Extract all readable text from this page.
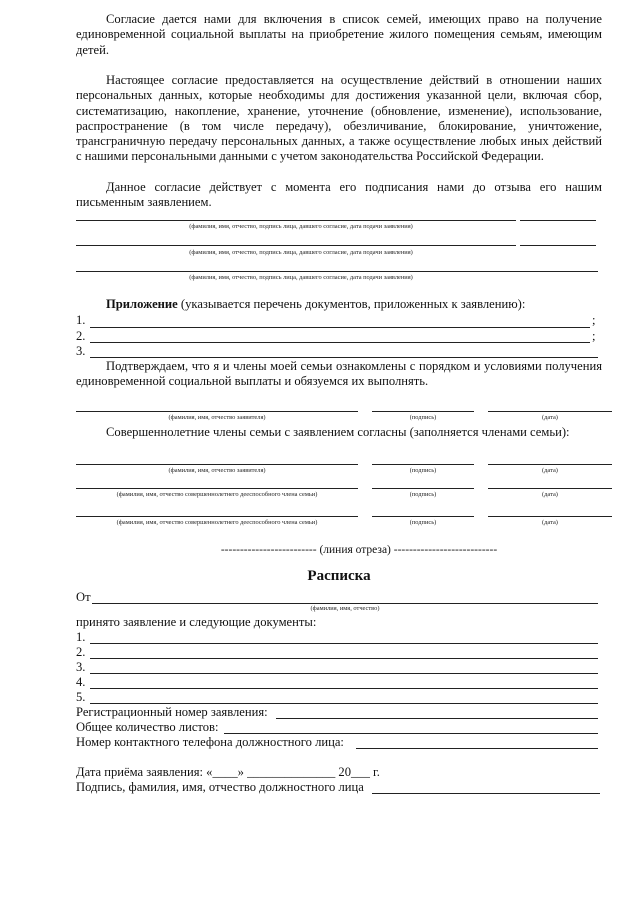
Согласие дается нами для включения в список семей, имеющих право на получение единовременной социальной выплаты на приобретение жилого помещения семьям, имеющим детей.

Настоящее согласие предоставляется на осуществление действий в отношении наших персональных данных, которые необходимы для достижения указанной цели, включая сбор, систематизацию, накопление, хранение, уточнение (обновление, изменение), использование, распространение (в том числе передачу), обезличивание, блокирование, уничтожение, трансграничную передачу персональных данных, а также осуществление любых иных действий с нашими персональными данными с учетом законодательства Российской Федерации.

Данное согласие действует с момента его подписания нами до отзыва его нашим письменным заявлением.

(фамилия, имя, отчество, подпись лица, давшего согласие, дата подачи заявления)
(фамилия, имя, отчество, подпись лица, давшего согласие, дата подачи заявления)
(фамилия, имя, отчество, подпись лица, давшего согласие, дата подачи заявления)
Приложение (указывается перечень документов, приложенных к заявлению):
1.	;
2.	;
3.

Подтверждаем, что я и члены моей семьи ознакомлены с порядком и условиями получения единовременной социальной выплаты и обязуемся их выполнять.

(фамилия, имя, отчество заявителя)	(подпись)	(дата)
Совершеннолетние члены семьи с заявлением согласны (заполняется членами семьи):
(фамилия, имя, отчество заявителя)	(подпись)	(дата)
(фамилия, имя, отчество совершеннолетнего дееспособного члена семьи)	(подпись)	(дата)
(фамилия, имя, отчество совершеннолетнего дееспособного члена семьи)	(подпись)	(дата)
------------------------- (линия отреза) ---------------------------
Расписка
От
(фамилия, имя, отчество)
принято заявление и следующие документы:
1.
2.
3.
4.
5.
Регистрационный номер заявления:
Общее количество листов:
Номер контактного телефона должностного лица:
Дата приёма заявления: «____» ______________ 20___ г.
Подпись, фамилия, имя, отчество должностного лица
